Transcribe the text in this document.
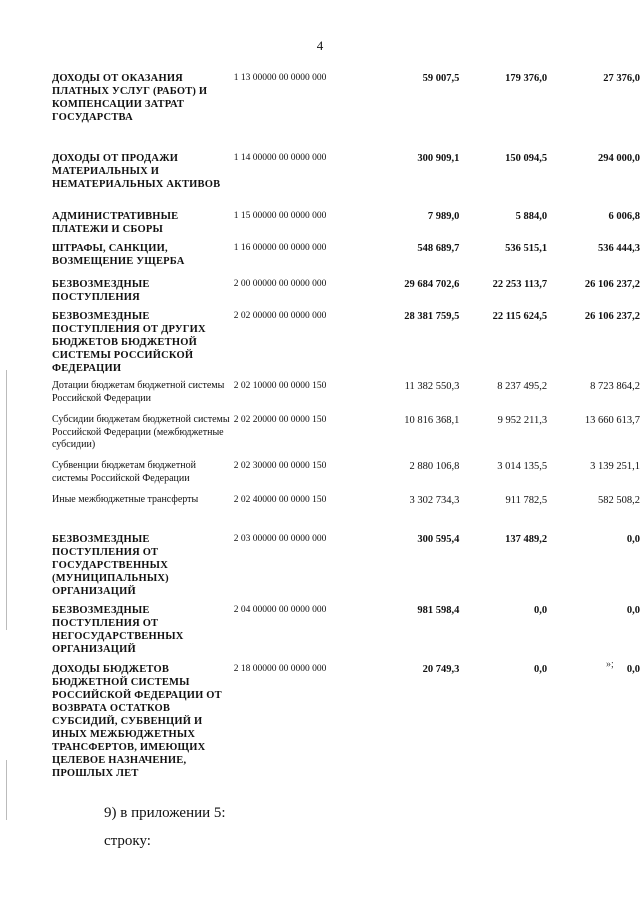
4
ДОХОДЫ ОТ ОКАЗАНИЯ ПЛАТНЫХ УСЛУГ (РАБОТ) И КОМПЕНСАЦИИ ЗАТРАТ ГОСУДАРСТВА	1 13 00000 00 0000 000	59 007,5	179 376,0	27 376,0
ДОХОДЫ ОТ ПРОДАЖИ МАТЕРИАЛЬНЫХ И НЕМАТЕРИАЛЬНЫХ АКТИВОВ	1 14 00000 00 0000 000	300 909,1	150 094,5	294 000,0
АДМИНИСТРАТИВНЫЕ ПЛАТЕЖИ И СБОРЫ	1 15 00000 00 0000 000	7 989,0	5 884,0	6 006,8
ШТРАФЫ, САНКЦИИ, ВОЗМЕЩЕНИЕ УЩЕРБА	1 16 00000 00 0000 000	548 689,7	536 515,1	536 444,3
БЕЗВОЗМЕЗДНЫЕ ПОСТУПЛЕНИЯ	2 00 00000 00 0000 000	29 684 702,6	22 253 113,7	26 106 237,2
БЕЗВОЗМЕЗДНЫЕ ПОСТУПЛЕНИЯ ОТ ДРУГИХ БЮДЖЕТОВ БЮДЖЕТНОЙ СИСТЕМЫ РОССИЙСКОЙ ФЕДЕРАЦИИ	2 02 00000 00 0000 000	28 381 759,5	22 115 624,5	26 106 237,2
Дотации бюджетам бюджетной системы Российской Федерации	2 02 10000 00 0000 150	11 382 550,3	8 237 495,2	8 723 864,2
Субсидии бюджетам бюджетной системы Российской Федерации (межбюджетные субсидии)	2 02 20000 00 0000 150	10 816 368,1	9 952 211,3	13 660 613,7
Субвенции бюджетам бюджетной системы Российской Федерации	2 02 30000 00 0000 150	2 880 106,8	3 014 135,5	3 139 251,1
Иные межбюджетные трансферты	2 02 40000 00 0000 150	3 302 734,3	911 782,5	582 508,2
БЕЗВОЗМЕЗДНЫЕ ПОСТУПЛЕНИЯ ОТ ГОСУДАРСТВЕННЫХ (МУНИЦИПАЛЬНЫХ) ОРГАНИЗАЦИЙ	2 03 00000 00 0000 000	300 595,4	137 489,2	0,0
БЕЗВОЗМЕЗДНЫЕ ПОСТУПЛЕНИЯ ОТ НЕГОСУДАРСТВЕННЫХ ОРГАНИЗАЦИЙ	2 04 00000 00 0000 000	981 598,4	0,0	0,0
ДОХОДЫ БЮДЖЕТОВ БЮДЖЕТНОЙ СИСТЕМЫ РОССИЙСКОЙ ФЕДЕРАЦИИ ОТ ВОЗВРАТА ОСТАТКОВ СУБСИДИЙ, СУБВЕНЦИЙ И ИНЫХ МЕЖБЮДЖЕТНЫХ ТРАНСФЕРТОВ, ИМЕЮЩИХ ЦЕЛЕВОЕ НАЗНАЧЕНИЕ, ПРОШЛЫХ ЛЕТ	2 18 00000 00 0000 000	20 749,3	0,0	0,0
»;
9) в приложении 5:
строку:
